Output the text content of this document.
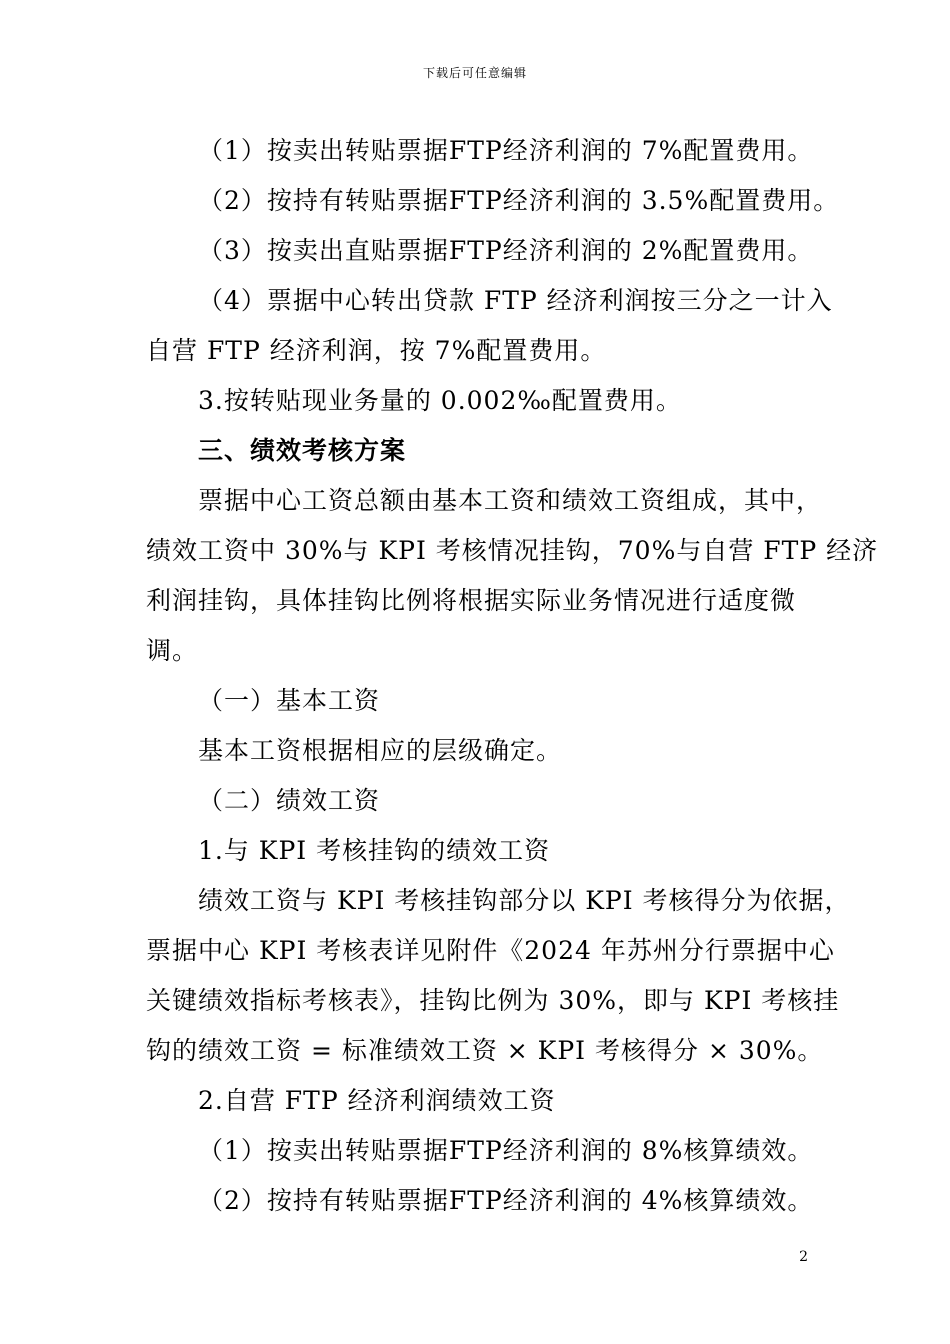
下载后可任意编辑
（1）按卖出转贴票据FTP经济利润的 7%配置费用。
（2）按持有转贴票据FTP经济利润的 3.5%配置费用。
（3）按卖出直贴票据FTP经济利润的 2%配置费用。
（4）票据中心转出贷款 FTP 经济利润按三分之一计入
自营 FTP 经济利润，按 7%配置费用。
3.按转贴现业务量的 0.002‰配置费用。
三、绩效考核方案
票据中心工资总额由基本工资和绩效工资组成，其中，
绩效工资中 30%与 KPI 考核情况挂钩，70%与自营 FTP 经济
利润挂钩，具体挂钩比例将根据实际业务情况进行适度微
调。
（一）基本工资
基本工资根据相应的层级确定。
（二）绩效工资
1.与 KPI 考核挂钩的绩效工资
绩效工资与 KPI 考核挂钩部分以 KPI 考核得分为依据，
票据中心 KPI 考核表详见附件《2024 年苏州分行票据中心
关键绩效指标考核表》，挂钩比例为 30%，即与 KPI 考核挂
钩的绩效工资 = 标准绩效工资 × KPI 考核得分 × 30%。
2.自营 FTP 经济利润绩效工资
（1）按卖出转贴票据FTP经济利润的 8%核算绩效。
（2）按持有转贴票据FTP经济利润的 4%核算绩效。
2
